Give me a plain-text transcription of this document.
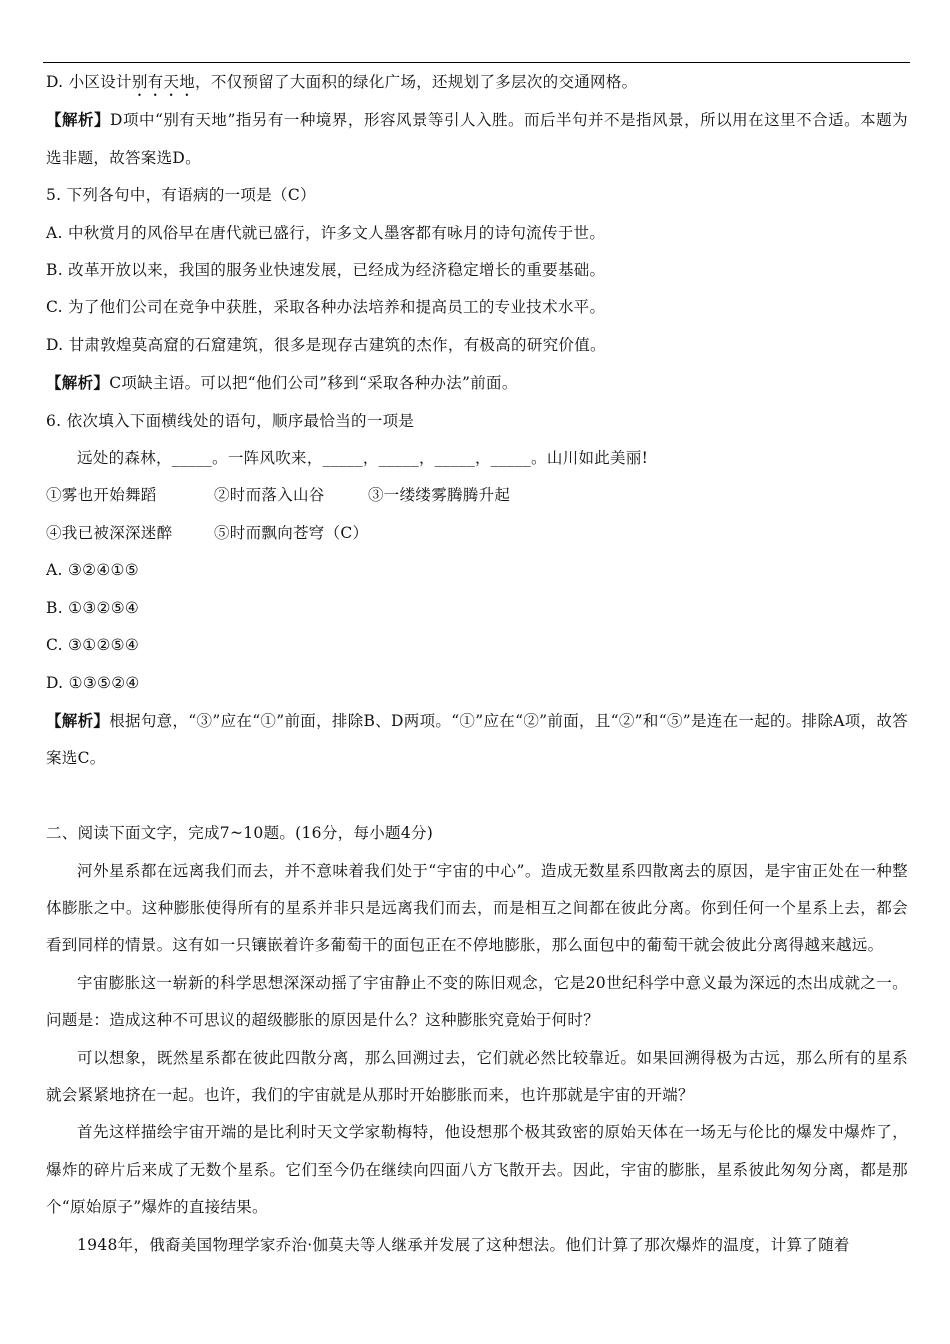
D. 小区设计别有天地，不仅预留了大面积的绿化广场，还规划了多层次的交通网格。
【解析】D项中“别有天地”指另有一种境界，形容风景等引人入胜。而后半句并不是指风景，所以用在这里不合适。本题为选非题，故答案选D。
5. 下列各句中，有语病的一项是（C）
A. 中秋赏月的风俗早在唐代就已盛行，许多文人墨客都有咏月的诗句流传于世。
B. 改革开放以来，我国的服务业快速发展，已经成为经济稳定增长的重要基础。
C. 为了他们公司在竞争中获胜，采取各种办法培养和提高员工的专业技术水平。
D. 甘肃敦煌莫高窟的石窟建筑，很多是现存古建筑的杰作，有极高的研究价值。
【解析】C项缺主语。可以把“他们公司”移到“采取各种办法”前面。
6. 依次填入下面横线处的语句，顺序最恰当的一项是
远处的森林，_____。一阵风吹来，_____，_____，_____，_____。山川如此美丽!
①雾也开始舞蹈	②时而落入山谷	③一缕缕雾腾腾升起
④我已被深深迷醉	⑤时而飘向苍穹（C）
A. ③②④①⑤
B. ①③②⑤④
C. ③①②⑤④
D. ①③⑤②④
【解析】根据句意，“③”应在“①”前面，排除B、D两项。“①”应在“②”前面，且“②”和“⑤”是连在一起的。排除A项，故答案选C。
二、阅读下面文字，完成7~10题。(16分，每小题4分)
河外星系都在远离我们而去，并不意味着我们处于“宇宙的中心”。造成无数星系四散离去的原因，是宇宙正处在一种整体膨胀之中。这种膨胀使得所有的星系并非只是远离我们而去，而是相互之间都在彼此分离。你到任何一个星系上去，都会看到同样的情景。这有如一只镶嵌着许多葡萄干的面包正在不停地膨胀，那么面包中的葡萄干就会彼此分离得越来越远。
宇宙膨胀这一崭新的科学思想深深动摇了宇宙静止不变的陈旧观念，它是20世纪科学中意义最为深远的杰出成就之一。问题是：造成这种不可思议的超级膨胀的原因是什么？这种膨胀究竟始于何时？
可以想象，既然星系都在彼此四散分离，那么回溯过去，它们就必然比较靠近。如果回溯得极为古远，那么所有的星系就会紧紧地挤在一起。也许，我们的宇宙就是从那时开始膨胀而来，也许那就是宇宙的开端？
首先这样描绘宇宙开端的是比利时天文学家勒梅特，他设想那个极其致密的原始天体在一场无与伦比的爆发中爆炸了，爆炸的碎片后来成了无数个星系。它们至今仍在继续向四面八方飞散开去。因此，宇宙的膨胀，星系彼此匆匆分离，都是那个“原始原子”爆炸的直接结果。
1948年，俄裔美国物理学家乔治·伽莫夫等人继承并发展了这种想法。他们计算了那次爆炸的温度，计算了随着
